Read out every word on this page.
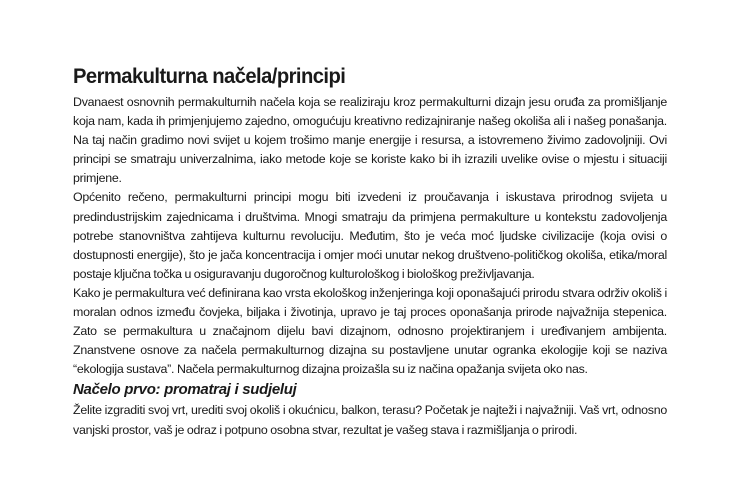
Permakulturna načela/principi

Dvanaest osnovnih permakulturnih načela koja se realiziraju kroz permakulturni dizajn jesu oruđa za promišljanje koja nam, kada ih primjenjujemo zajedno, omogućuju kreativno redizajniranje našeg okoliša ali i našeg ponašanja. Na taj način gradimo novi svijet u kojem trošimo manje energije i resursa, a istovremeno živimo zadovoljniji. Ovi principi se smatraju univerzalnima, iako metode koje se koriste kako bi ih izrazili uvelike ovise o mjestu i situaciji primjene.

Općenito rečeno, permakulturni principi mogu biti izvedeni iz proučavanja i iskustava prirodnog svijeta u predindustrijskim zajednicama i društvima. Mnogi smatraju da primjena permakulture u kontekstu zadovoljenja potrebe stanovništva zahtijeva kulturnu revoluciju. Međutim, što je veća moć ljudske civilizacije (koja ovisi o dostupnosti energije), što je jača koncentracija i omjer moći unutar nekog društveno-političkog okoliša, etika/moral postaje ključna točka u osiguravanju dugoročnog kulturološkog i biološkog preživljavanja.

Kako je permakultura već definirana kao vrsta ekološkog inženjeringa koji oponašajući prirodu stvara održiv okoliš i moralan odnos između čovjeka, biljaka i životinja, upravo je taj proces oponašanja prirode najvažnija stepenica. Zato se permakultura u značajnom dijelu bavi dizajnom, odnosno projektiranjem i uređivanjem ambijenta. Znanstvene osnove za načela permakulturnog dizajna su postavljene unutar ogranka ekologije koji se naziva “ekologija sustava”. Načela permakulturnog dizajna proizašla su iz načina opažanja svijeta oko nas.

Načelo prvo: promatraj i sudjeluj

Želite izgraditi svoj vrt, urediti svoj okoliš i okućnicu, balkon, terasu? Početak je najteži i najvažniji. Vaš vrt, odnosno vanjski prostor, vaš je odraz i potpuno osobna stvar, rezultat je vašeg stava i razmišljanja o prirodi.
